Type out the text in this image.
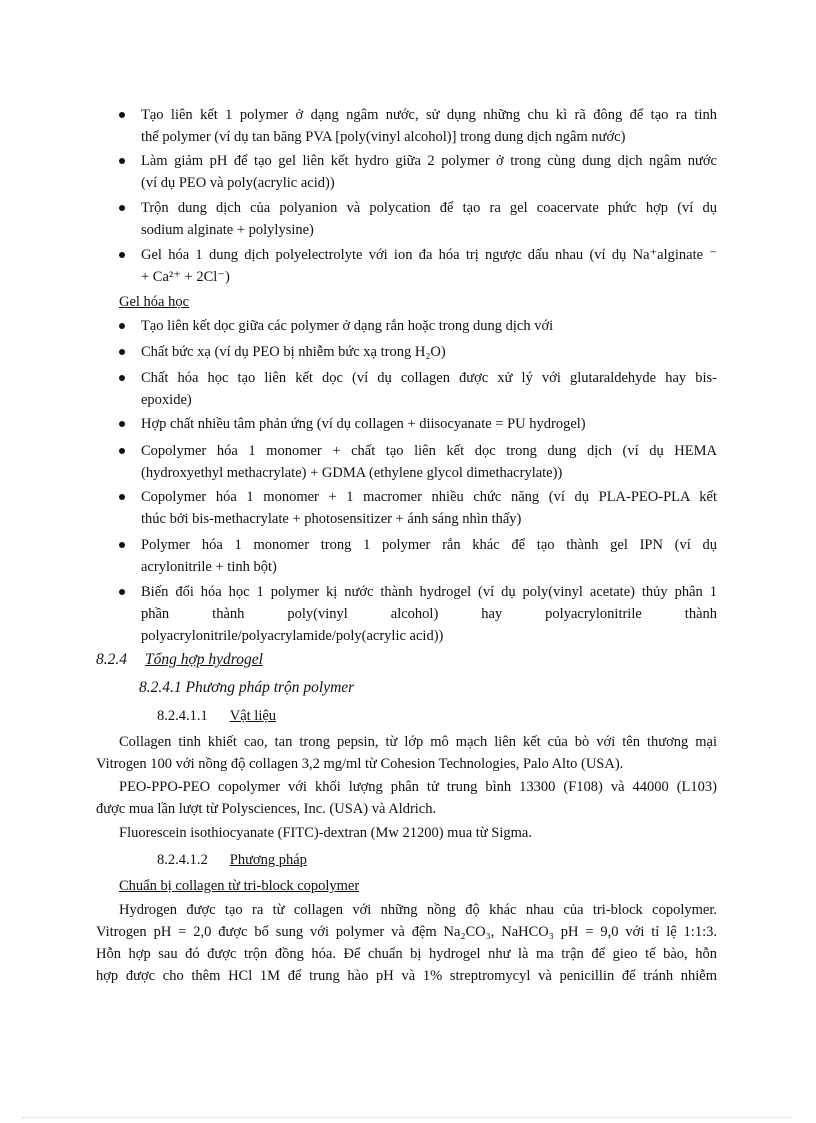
Tạo liên kết 1 polymer ở dạng ngâm nước, sử dụng những chu kì rã đông để tạo ra tinh
thể polymer (ví dụ tan băng PVA [poly(vinyl alcohol)] trong dung dịch ngâm nước)
Làm giảm pH để tạo gel liên kết hydro giữa 2 polymer ở trong cùng dung dịch ngâm nước
(ví dụ PEO và poly(acrylic acid))
Trộn dung dịch của polyanion và polycation để tạo ra gel coacervate phức hợp (ví dụ
sodium alginate + polylysine)
Gel hóa 1 dung dịch polyelectrolyte với ion đa hóa trị ngược dấu nhau (ví dụ Na⁺alginate ⁻
+ Ca²⁺ + 2Cl⁻)
Gel hóa học
Tạo liên kết dọc giữa các polymer ở dạng rắn hoặc trong dung dịch với
Chất bức xạ (ví dụ PEO bị nhiễm bức xạ trong H₂O)
Chất hóa học tạo liên kết dọc (ví dụ collagen được xử lý với glutaraldehyde hay bis-
epoxide)
Hợp chất nhiều tâm phản ứng (ví dụ collagen + diisocyanate = PU hydrogel)
Copolymer hóa 1 monomer + chất tạo liên kết dọc trong dung dịch (ví dụ HEMA
(hydroxyethyl methacrylate) + GDMA (ethylene glycol dimethacrylate))
Copolymer hóa 1 monomer + 1 macromer nhiều chức năng (ví dụ PLA-PEO-PLA kết
thúc bởi bis-methacrylate + photosensitizer + ánh sáng nhìn thấy)
Polymer hóa 1 monomer trong 1 polymer rắn khác để tạo thành gel IPN (ví dụ
acrylonitrile + tinh bột)
Biến đổi hóa học 1 polymer kị nước thành hydrogel (ví dụ poly(vinyl acetate) thủy phân 1
phần thành poly(vinyl alcohol) hay polyacrylonitrile thành
polyacrylonitrile/polyacrylamide/poly(acrylic acid))
8.2.4 Tổng hợp hydrogel
8.2.4.1 Phương pháp trộn polymer
8.2.4.1.1 Vật liệu
Collagen tinh khiết cao, tan trong pepsin, từ lớp mô mạch liên kết của bò với tên thương mại
Vitrogen 100 với nồng độ collagen 3,2 mg/ml từ Cohesion Technologies, Palo Alto (USA).
PEO-PPO-PEO copolymer với khối lượng phân tử trung bình 13300 (F108) và 44000 (L103)
được mua lần lượt từ Polysciences, Inc. (USA) và Aldrich.
Fluorescein isothiocyanate (FITC)-dextran (Mw 21200) mua từ Sigma.
8.2.4.1.2 Phương pháp
Chuẩn bị collagen từ tri-block copolymer
Hydrogen được tạo ra từ collagen với những nồng độ khác nhau của tri-block copolymer.
Vitrogen pH = 2,0 được bổ sung với polymer và đệm Na₂CO₃, NaHCO₃ pH = 9,0 với tỉ lệ 1:1:3.
Hỗn hợp sau đó được trộn đồng hóa. Để chuẩn bị hydrogel như là ma trận để gieo tế bào, hỗn
hợp được cho thêm HCl 1M để trung hào pH và 1% streptromycyl và penicillin để tránh nhiễm
